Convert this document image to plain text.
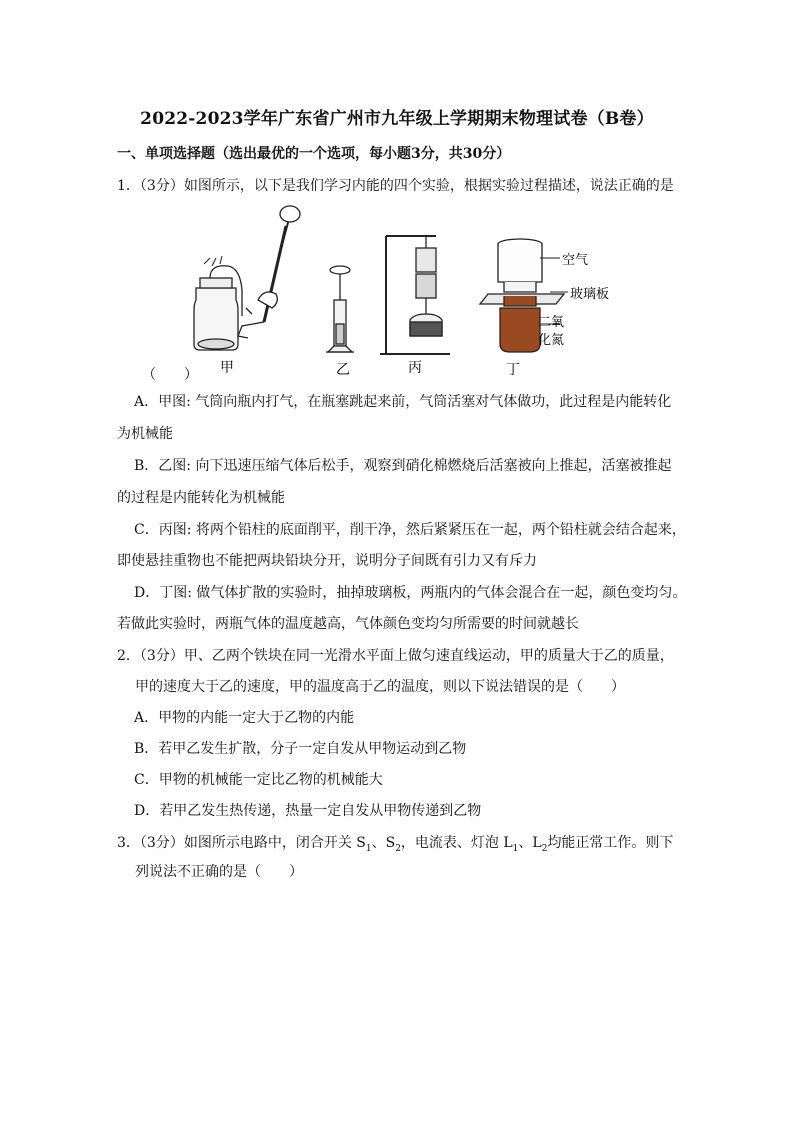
2022-2023学年广东省广州市九年级上学期期末物理试卷（B卷）
一、单项选择题（选出最优的一个选项，每小题3分，共30分）
1．（3分）如图所示，以下是我们学习内能的四个实验，根据实验过程描述，说法正确的是
甲	乙	丙	丁
空气
玻璃板
二氧
化氮
（　　）
A．甲图: 气筒向瓶内打气，在瓶塞跳起来前，气筒活塞对气体做功，此过程是内能转化
为机械能
B．乙图: 向下迅速压缩气体后松手，观察到硝化棉燃烧后活塞被向上推起，活塞被推起
的过程是内能转化为机械能
C．丙图: 将两个铅柱的底面削平，削干净，然后紧紧压在一起，两个铅柱就会结合起来，
即使悬挂重物也不能把两块铅块分开，说明分子间既有引力又有斥力
D．丁图: 做气体扩散的实验时，抽掉玻璃板，两瓶内的气体会混合在一起，颜色变均匀。
若做此实验时，两瓶气体的温度越高，气体颜色变均匀所需要的时间就越长
2．（3分）甲、乙两个铁块在同一光滑水平面上做匀速直线运动，甲的质量大于乙的质量，
甲的速度大于乙的速度，甲的温度高于乙的温度，则以下说法错误的是（　　）
A．甲物的内能一定大于乙物的内能
B．若甲乙发生扩散，分子一定自发从甲物运动到乙物
C．甲物的机械能一定比乙物的机械能大
D．若甲乙发生热传递，热量一定自发从甲物传递到乙物
3．（3分）如图所示电路中，闭合开关 $S_1$、$S_2$，电流表、灯泡 $L_1$、$L_2$均能正常工作。则下
列说法不正确的是（　　）
